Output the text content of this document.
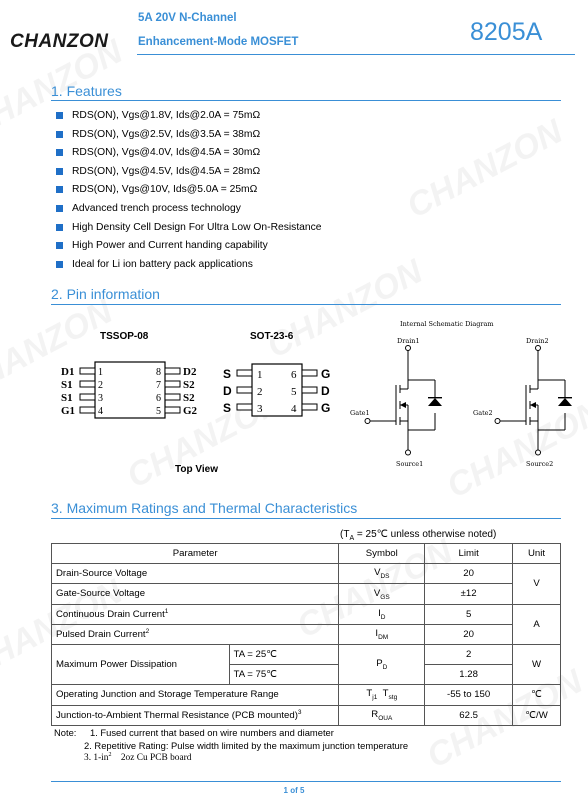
CHANZON
5A 20V N-Channel
Enhancement-Mode MOSFET	8205A
1. Features
RDS(ON), Vgs@1.8V, Ids@2.0A = 75mΩ
RDS(ON), Vgs@2.5V, Ids@3.5A = 38mΩ
RDS(ON), Vgs@4.0V, Ids@4.5A = 30mΩ
RDS(ON), Vgs@4.5V, Ids@4.5A = 28mΩ
RDS(ON), Vgs@10V, Ids@5.0A = 25mΩ
Advanced trench process technology
High Density Cell Design For Ultra Low On-Resistance
High Power and Current handing capability
Ideal for Li ion battery pack applications
2. Pin information
TSSOP-08	SOT-23-6
Top View
D1
S1
S1
G1
D2
S2
S2
G2
1
2
3
4
8
7
6
5
S
D
S
G
D
G
1
2
3
6
5
4
Internal Schematic Diagram
Drain1	Drain2
Gate1	Gate2
Source1	Source2
3. Maximum Ratings and Thermal Characteristics
($T_A$ = 25℃ unless otherwise noted)
Parameter		Symbol	Limit	Unit
Drain-Source Voltage		$V_{DS}$	20	V
Gate-Source Voltage		$V_{GS}$	±12	
Continuous Drain Current$^1$		$I_D$	5	A
Pulsed Drain Current$^2$		$I_{DM}$	20	
Maximum Power Dissipation	TA = 25℃	$P_D$	2	W
	TA = 75℃		1.28	
Operating Junction and Storage Temperature Range		$T_{j1}$ $T_{stg}$	-55 to 150	℃
Junction-to-Ambient Thermal Resistance (PCB mounted)$^3$		$R_{OUA}$	62.5	℃/W
Note: 1. Fused current that based on wire numbers and diameter
2. Repetitive Rating: Pulse width limited by the maximum junction temperature
3. $1-in^2$    2oz Cu PCB board
1 of 5
